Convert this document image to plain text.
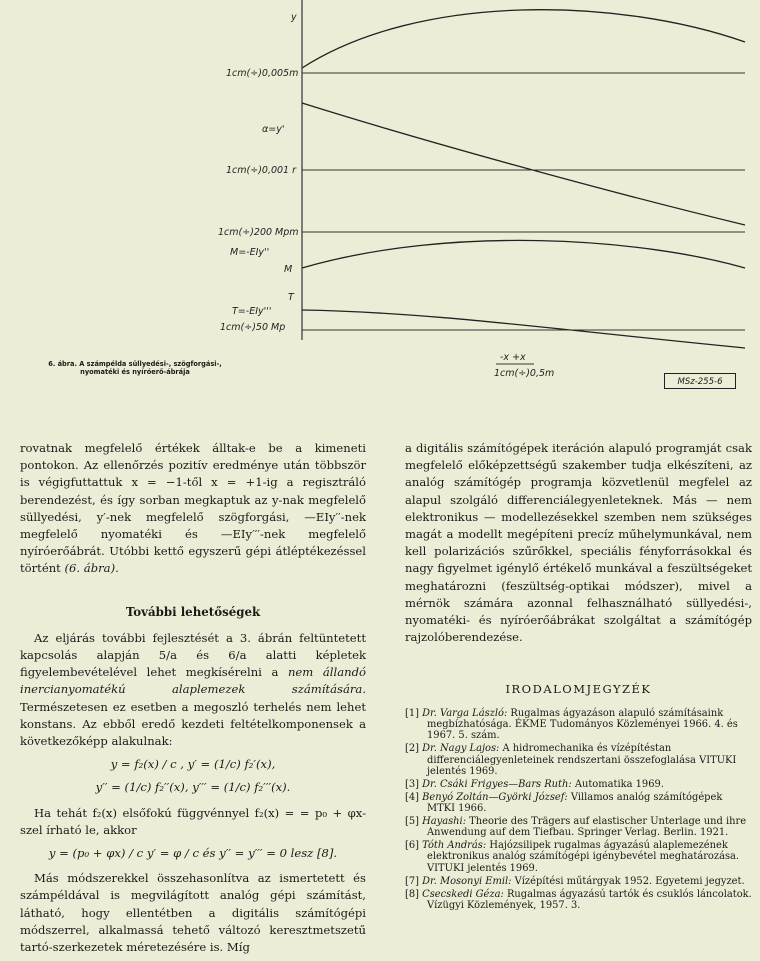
y
1cm(÷)0,005m
α=y'
1cm(÷)0,001 r
1cm(÷)200 Mpm
M=-EIy''
M
T
T=-EIy'''
1cm(÷)50 Mp
-x +x
1cm(÷)0,5m
6. ábra. A számpélda süllyedési-, szögforgási-, nyomatéki és nyíróerő-ábrája
MSz-255-6

rovatnak megfelelő értékek álltak-e be a kimeneti pontokon. Az ellenőrzés pozitív eredménye után többször is végigfuttattuk x = −1-től x = +1-ig a regisztráló berendezést, és így sorban megkaptuk az y-nak megfelelő süllyedési, y′-nek megfelelő szögforgási, —EIy′′-nek megfelelő nyomatéki és —EIy′′′-nek megfelelő nyíróerőábrát. Utóbbi kettő egyszerű gépi átléptékezéssel történt (6. ábra).

További lehetőségek

Az eljárás további fejlesztését a 3. ábrán feltüntetett kapcsolás alapján 5/a és 6/a alatti képletek figyelembevételével lehet megkísérelni a nem állandó inercianyomatékú alaplemezek számítására. Természetesen ez esetben a megoszló terhelés nem lehet konstans. Az ebből eredő kezdeti feltételkomponensek a következőképp alakulnak:

y = f₂(x) / c , y′ = (1/c) f₂′(x),

y′′ = (1/c) f₂′′(x), y′′′ = (1/c) f₂′′′(x).

Ha tehát f₂(x) elsőfokú függvénnyel f₂(x) = = p₀ + φx-szel írható le, akkor

y = (p₀ + φx) / c y′ = φ / c és y′′ = y′′′ = 0 lesz [8].

Más módszerekkel összehasonlítva az ismertetett és számpéldával is megvilágított analóg gépi számítást, látható, hogy ellentétben a digitális számítógépi módszerrel, alkalmassá tehető változó keresztmetszetű tartó-szerkezetek méretezésére is. Míg

a digitális számítógépek iteráción alapuló programját csak megfelelő előképzettségű szakember tudja elkészíteni, az analóg számítógép programja közvetlenül megfelel az alapul szolgáló differenciálegyenleteknek. Más — nem elektronikus — modellezésekkel szemben nem szükséges magát a modellt megépíteni precíz műhelymunkával, nem kell polarizációs szűrőkkel, speciális fényforrásokkal és nagy figyelmet igénylő értékelő munkával a feszültségeket meghatározni (feszültség-optikai módszer), mivel a mérnök számára azonnal felhasználható süllyedési-, nyomatéki- és nyíróerőábrákat szolgáltat a számítógép rajzolóberendezése.

IRODALOMJEGYZÉK

[1] Dr. Varga László: Rugalmas ágyazáson alapuló számításaink megbízhatósága. ÉKME Tudományos Közleményei 1966. 4. és 1967. 5. szám.

[2] Dr. Nagy Lajos: A hidromechanika és vízépítéstan differenciálegyenleteinek rendszertani összefoglalása VITUKI jelentés 1969.

[3] Dr. Csáki Frigyes—Bars Ruth: Automatika 1969.

[4] Benyó Zoltán—Györki József: Villamos analóg számítógépek MTKI 1966.

[5] Hayashi: Theorie des Trägers auf elastischer Unterlage und ihre Anwendung auf dem Tiefbau. Springer Verlag. Berlin. 1921.

[6] Tóth András: Hajózsilipek rugalmas ágyazású alaplemezének elektronikus analóg számítógépi igénybevétel meghatározása. VITUKI jelentés 1969.

[7] Dr. Mosonyi Emil: Vízépítési műtárgyak 1952. Egyetemi jegyzet.

[8] Csecskedi Géza: Rugalmas ágyazású tartók és csuklós láncolatok. Vízügyi Közlemények, 1957. 3.
